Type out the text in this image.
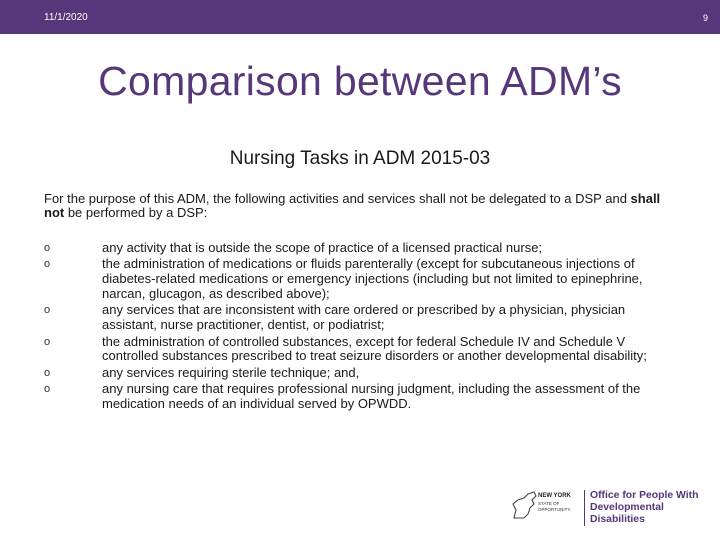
11/1/2020	9
Comparison between ADM’s
Nursing Tasks in ADM 2015-03

For the purpose of this ADM, the following activities and services shall not be delegated to a DSP and shall not be performed by a DSP:

o	any activity that is outside the scope of practice of a licensed practical nurse;
o	the administration of medications or fluids parenterally (except for subcutaneous injections of diabetes-related medications or emergency injections (including but not limited to epinephrine, narcan, glucagon, as described above);
o	any services that are inconsistent with care ordered or prescribed by a physician, physician assistant, nurse practitioner, dentist, or podiatrist;
o	the administration of controlled substances, except for federal Schedule IV and Schedule V controlled substances prescribed to treat seizure disorders or another developmental disability;
o	any services requiring sterile technique; and,
o	any nursing care that requires professional nursing judgment, including the assessment of the medication needs of an individual served by OPWDD.
NEW YORK
STATE OF
OPPORTUNITY.
Office for People With
Developmental Disabilities
